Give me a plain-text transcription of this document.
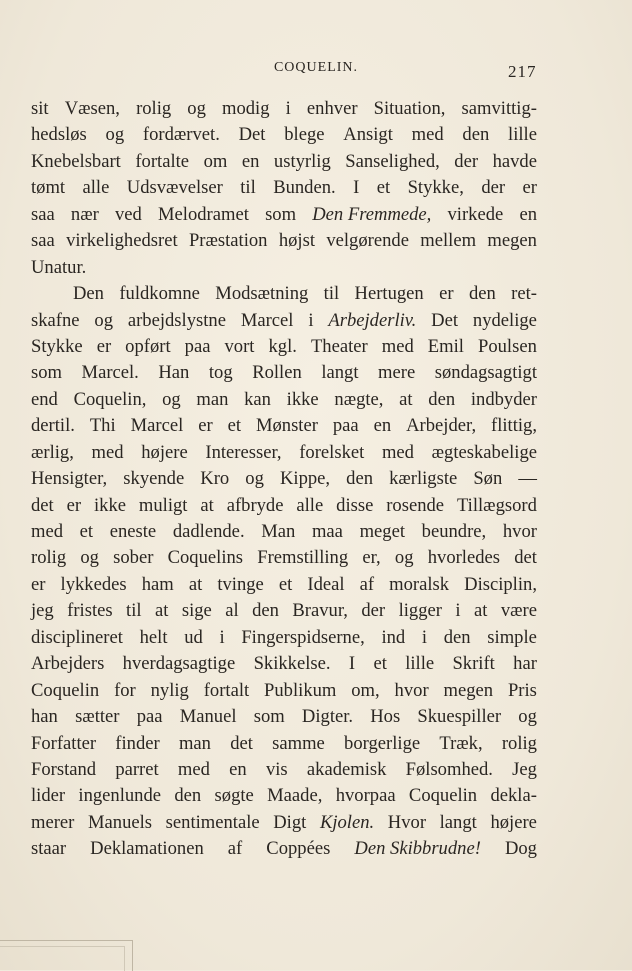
COQUELIN.	217
sit Væsen, rolig og modig i enhver Situation, samvittig-
hedsløs og fordærvet. Det blege Ansigt med den lille
Knebelsbart fortalte om en ustyrlig Sanselighed, der havde
tømt alle Udsvævelser til Bunden. I et Stykke, der er
saa nær ved Melodramet som Den Fremmede, virkede en
saa virkelighedsret Præstation højst velgørende mellem megen
Unatur.
Den fuldkomne Modsætning til Hertugen er den ret-
skafne og arbejdslystne Marcel i Arbejderliv. Det nydelige
Stykke er opført paa vort kgl. Theater med Emil Poulsen
som Marcel. Han tog Rollen langt mere søndagsagtigt
end Coquelin, og man kan ikke nægte, at den indbyder
dertil. Thi Marcel er et Mønster paa en Arbejder, flittig,
ærlig, med højere Interesser, forelsket med ægteskabelige
Hensigter, skyende Kro og Kippe, den kærligste Søn —
det er ikke muligt at afbryde alle disse rosende Tillægsord
med et eneste dadlende. Man maa meget beundre, hvor
rolig og sober Coquelins Fremstilling er, og hvorledes det
er lykkedes ham at tvinge et Ideal af moralsk Disciplin,
jeg fristes til at sige al den Bravur, der ligger i at være
disciplineret helt ud i Fingerspidserne, ind i den simple
Arbejders hverdagsagtige Skikkelse. I et lille Skrift har
Coquelin for nylig fortalt Publikum om, hvor megen Pris
han sætter paa Manuel som Digter. Hos Skuespiller og
Forfatter finder man det samme borgerlige Træk, rolig
Forstand parret med en vis akademisk Følsomhed. Jeg
lider ingenlunde den søgte Maade, hvorpaa Coquelin dekla-
merer Manuels sentimentale Digt Kjolen. Hvor langt højere
staar Deklamationen af Coppées Den Skibbrudne! Dog
